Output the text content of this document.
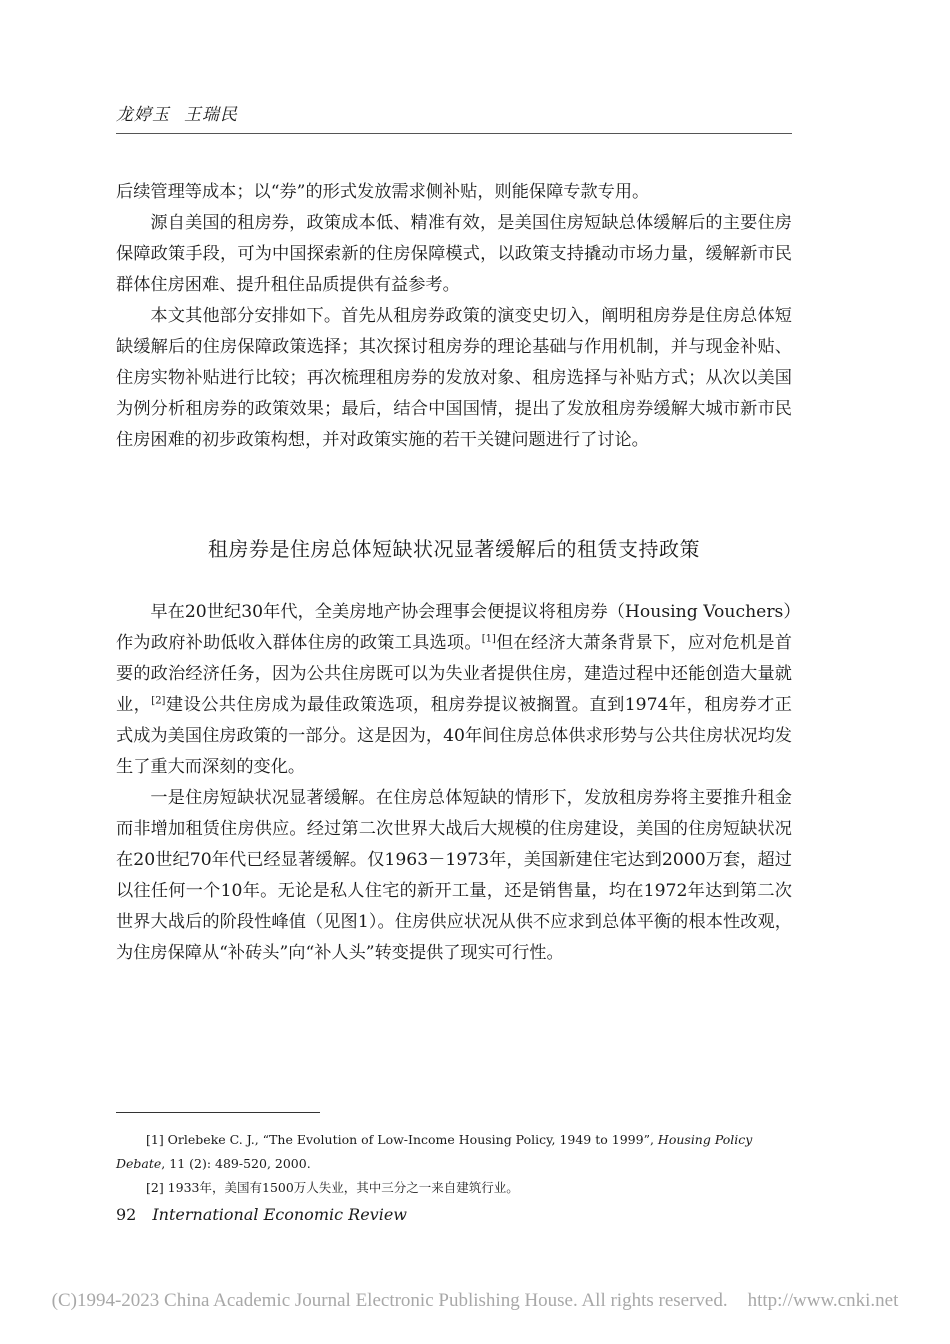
龙婷玉 王瑞民

后续管理等成本；以“券”的形式发放需求侧补贴，则能保障专款专用。

源自美国的租房券，政策成本低、精准有效，是美国住房短缺总体缓解后的主要住房保障政策手段，可为中国探索新的住房保障模式，以政策支持撬动市场力量，缓解新市民群体住房困难、提升租住品质提供有益参考。

本文其他部分安排如下。首先从租房券政策的演变史切入，阐明租房券是住房总体短缺缓解后的住房保障政策选择；其次探讨租房券的理论基础与作用机制，并与现金补贴、住房实物补贴进行比较；再次梳理租房券的发放对象、租房选择与补贴方式；从次以美国为例分析租房券的政策效果；最后，结合中国国情，提出了发放租房券缓解大城市新市民住房困难的初步政策构想，并对政策实施的若干关键问题进行了讨论。

租房券是住房总体短缺状况显著缓解后的租赁支持政策

早在20世纪30年代，全美房地产协会理事会便提议将租房券（Housing Vouchers）作为政府补助低收入群体住房的政策工具选项。[1]但在经济大萧条背景下，应对危机是首要的政治经济任务，因为公共住房既可以为失业者提供住房，建造过程中还能创造大量就业，[2]建设公共住房成为最佳政策选项，租房券提议被搁置。直到1974年，租房券才正式成为美国住房政策的一部分。这是因为，40年间住房总体供求形势与公共住房状况均发生了重大而深刻的变化。

一是住房短缺状况显著缓解。在住房总体短缺的情形下，发放租房券将主要推升租金而非增加租赁住房供应。经过第二次世界大战后大规模的住房建设，美国的住房短缺状况在20世纪70年代已经显著缓解。仅1963－1973年，美国新建住宅达到2000万套，超过以往任何一个10年。无论是私人住宅的新开工量，还是销售量，均在1972年达到第二次世界大战后的阶段性峰值（见图1）。住房供应状况从供不应求到总体平衡的根本性改观，为住房保障从“补砖头”向“补人头”转变提供了现实可行性。

[1] Orlebeke C. J., “The Evolution of Low-Income Housing Policy, 1949 to 1999”, Housing Policy Debate, 11 (2): 489-520, 2000.

[2] 1933年，美国有1500万人失业，其中三分之一来自建筑行业。

92 International Economic Review
(C)1994-2023 China Academic Journal Electronic Publishing House. All rights reserved. http://www.cnki.net
